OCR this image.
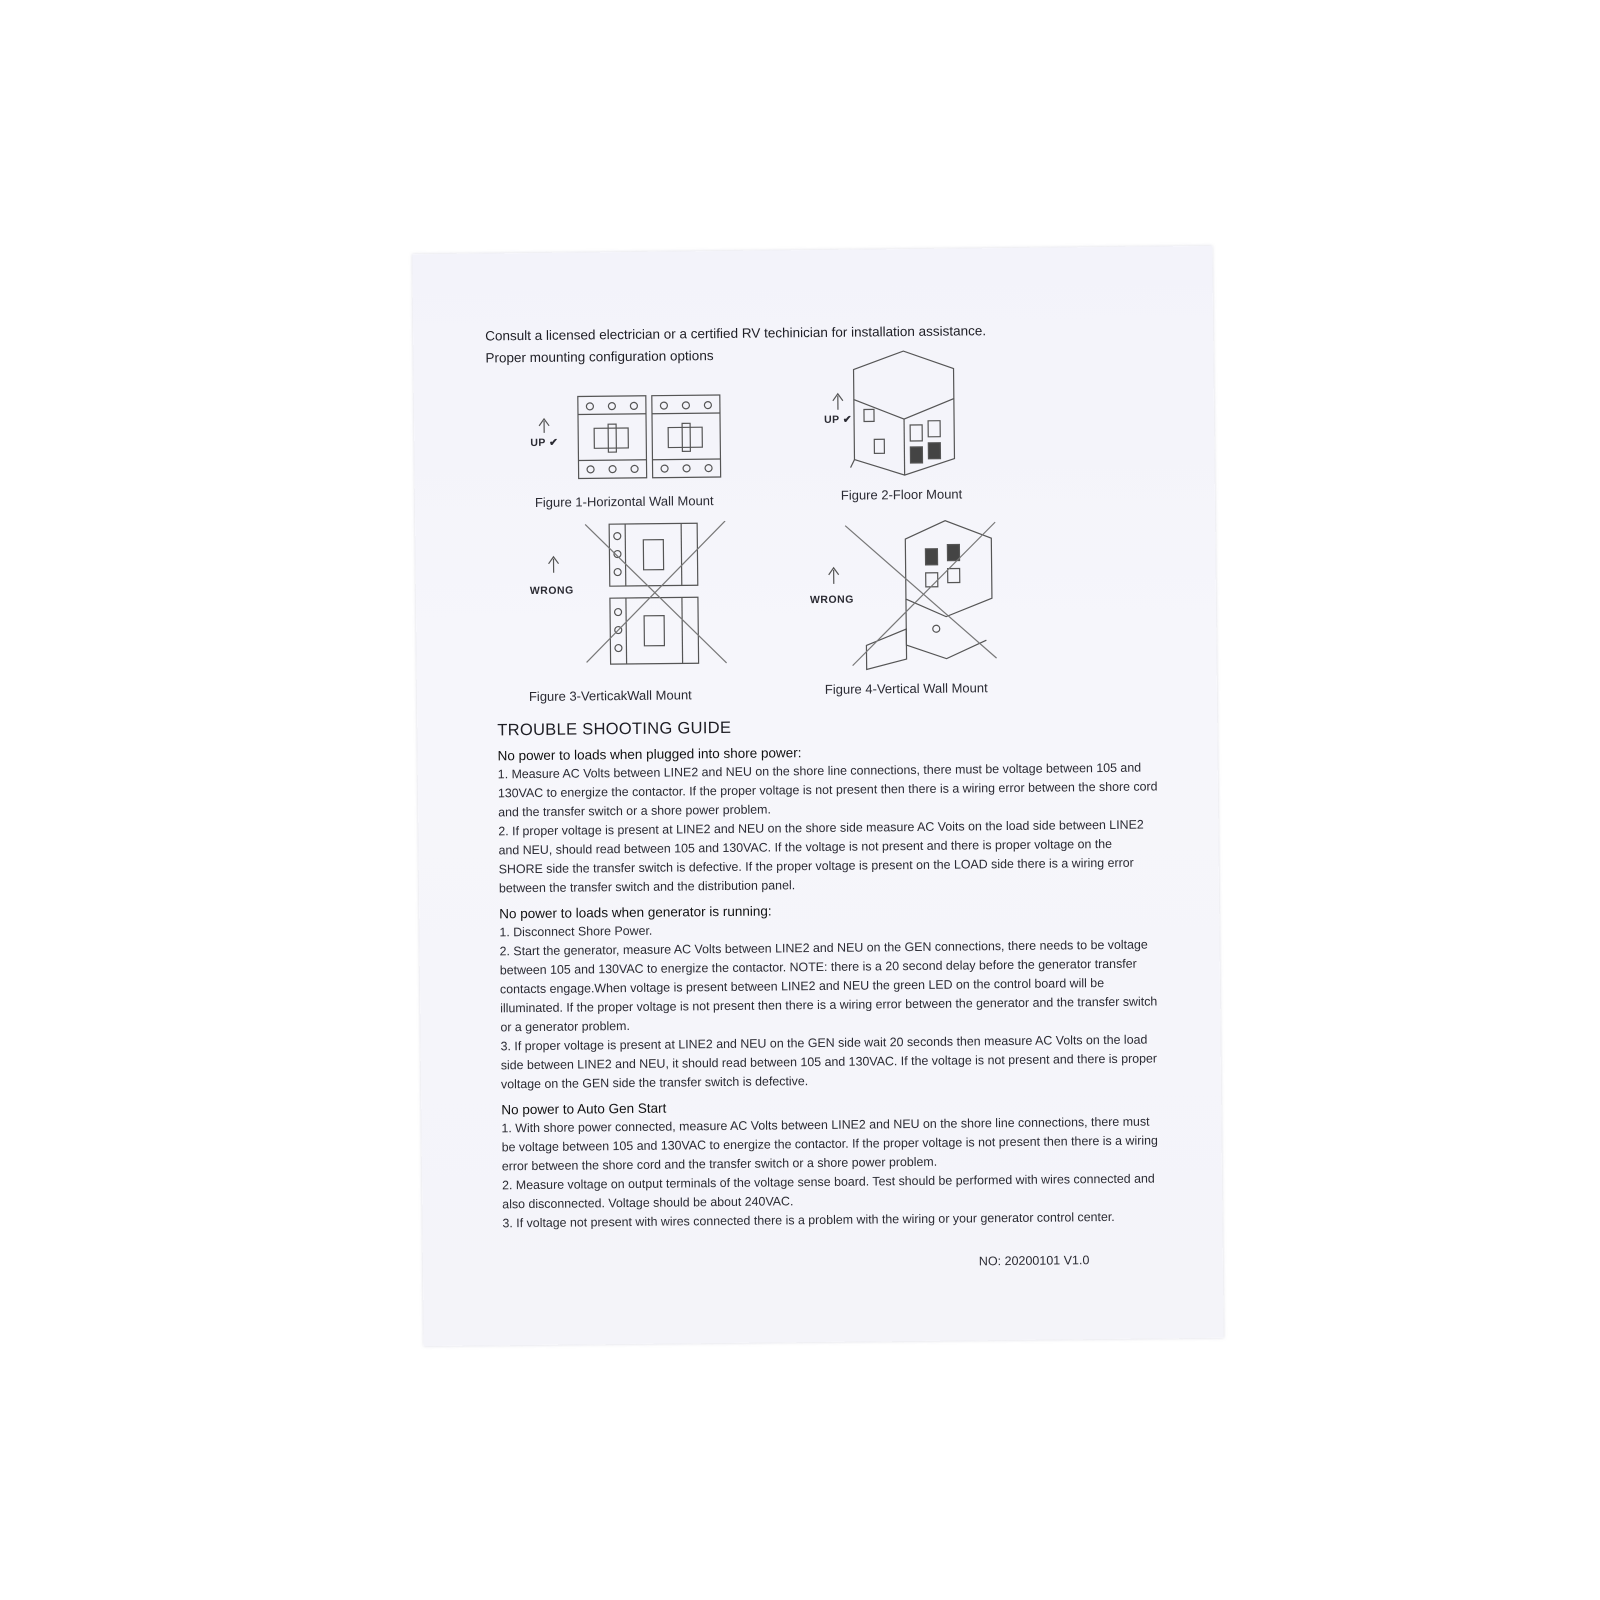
Consult a licensed electrician or a certified RV techinician for installation assistance.
Proper mounting configuration options
UP ✔
Figure 1-Horizontal Wall Mount
UP ✔
Figure 2-Floor Mount
WRONG
Figure 3-VerticakWall Mount
WRONG
Figure 4-Vertical Wall Mount
TROUBLE SHOOTING GUIDE
No power to loads when plugged into shore power:

1. Measure AC Volts between LINE2 and NEU on the shore line connections, there must be voltage between 105 and 130VAC to energize the contactor. If the proper voltage is not present then there is a wiring error between the shore cord and the transfer switch or a shore power problem.

2. If proper voltage is present at LINE2 and NEU on the shore side measure AC Voits on the load side between LINE2 and NEU, should read between 105 and 130VAC. If the voltage is not present and there is proper voltage on the SHORE side the transfer switch is defective. If the proper voltage is present on the LOAD side there is a wiring error between the transfer switch and the distribution panel.

No power to loads when generator is running:

1. Disconnect Shore Power.

2. Start the generator, measure AC Volts between LINE2 and NEU on the GEN connections, there needs to be voltage between 105 and 130VAC to energize the contactor. NOTE: there is a 20 second delay before the generator transfer contacts engage.When voltage is present between LINE2 and NEU the green LED on the control board will be illuminated. If the proper voltage is not present then there is a wiring error between the generator and the transfer switch or a generator problem.

3. If proper voltage is present at LINE2 and NEU on the GEN side wait 20 seconds then measure AC Volts on the load side between LINE2 and NEU, it should read between 105 and 130VAC. If the voltage is not present and there is proper voltage on the GEN side the transfer switch is defective.

No power to Auto Gen Start

1. With shore power connected, measure AC Volts between LINE2 and NEU on the shore line connections, there must be voltage between 105 and 130VAC to energize the contactor. If the proper voltage is not present then there is a wiring error between the shore cord and the transfer switch or a shore power problem.

2. Measure voltage on output terminals of the voltage sense board. Test should be performed with wires connected and also disconnected. Voltage should be about 240VAC.

3. If voltage not present with wires connected there is a problem with the wiring or your generator control center.

NO: 20200101 V1.0
